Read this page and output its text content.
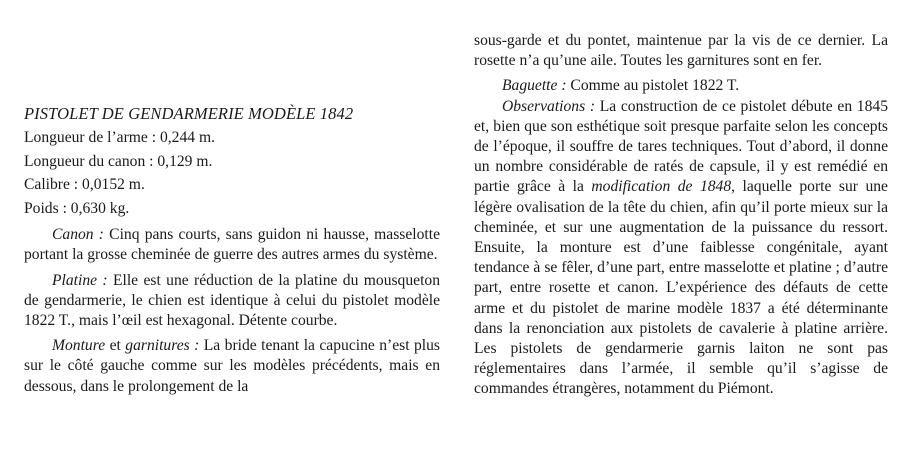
PISTOLET DE GENDARMERIE MODÈLE 1842

Longueur de l’arme : 0,244 m.

Longueur du canon : 0,129 m.

Calibre : 0,0152 m.

Poids : 0,630 kg.

Canon : Cinq pans courts, sans guidon ni hausse, masselotte portant la grosse cheminée de guerre des autres armes du système.

Platine : Elle est une réduction de la platine du mousqueton de gendarmerie, le chien est identique à celui du pistolet modèle 1822 T., mais l’œil est hexagonal. Détente courbe.

Monture et garnitures : La bride tenant la capucine n’est plus sur le côté gauche comme sur les modèles précédents, mais en dessous, dans le prolongement de la

sous-garde et du pontet, maintenue par la vis de ce dernier. La rosette n’a qu’une aile. Toutes les garnitures sont en fer.

Baguette : Comme au pistolet 1822 T.

Observations : La construction de ce pistolet débute en 1845 et, bien que son esthétique soit presque parfaite selon les concepts de l’époque, il souffre de tares techniques. Tout d’abord, il donne un nombre considérable de ratés de capsule, il y est remédié en partie grâce à la modification de 1848, laquelle porte sur une légère ovalisation de la tête du chien, afin qu’il porte mieux sur la cheminée, et sur une augmentation de la puissance du ressort. Ensuite, la monture est d’une faiblesse congénitale, ayant tendance à se fêler, d’une part, entre masselotte et platine ; d’autre part, entre rosette et canon. L’expérience des défauts de cette arme et du pistolet de marine modèle 1837 a été déterminante dans la renonciation aux pistolets de cavalerie à platine arrière. Les pistolets de gendarmerie garnis laiton ne sont pas réglementaires dans l’armée, il semble qu’il s’agisse de commandes étrangères, notamment du Piémont.
